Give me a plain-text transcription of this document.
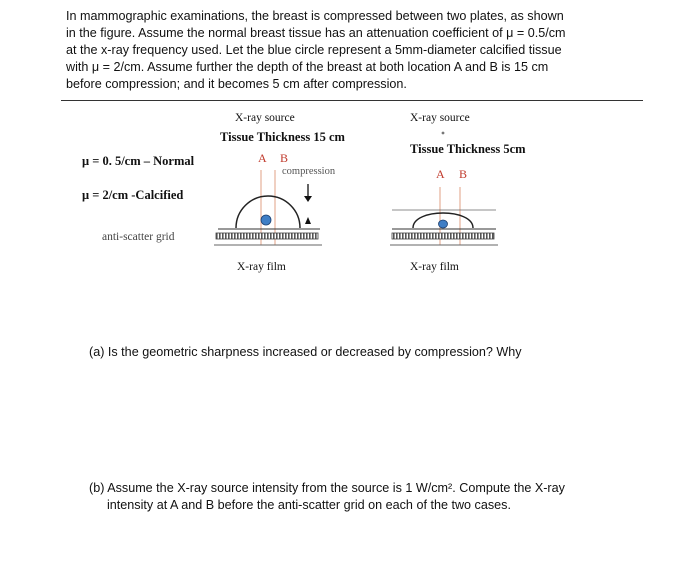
In mammographic examinations, the breast is compressed between two plates, as shown

in the figure. Assume the normal breast tissue has an attenuation coefficient of μ = 0.5/cm

at the x-ray frequency used. Let the blue circle represent a 5mm-diameter calcified tissue

with μ = 2/cm. Assume further the depth of the breast at both location A and B is 15 cm

before compression; and it becomes 5 cm after compression.

μ = 0. 5/cm – Normal
μ = 2/cm -Calcified
anti-scatter grid
X-ray source
Tissue Thickness 15 cm
A B
compression
X-ray film
X-ray source
Tissue Thickness 5cm
A B
X-ray film
(a) Is the geometric sharpness increased or decreased by compression? Why
(b) Assume the X-ray source intensity from the source is 1 W/cm². Compute the X-ray
intensity at A and B before the anti-scatter grid on each of the two cases.
